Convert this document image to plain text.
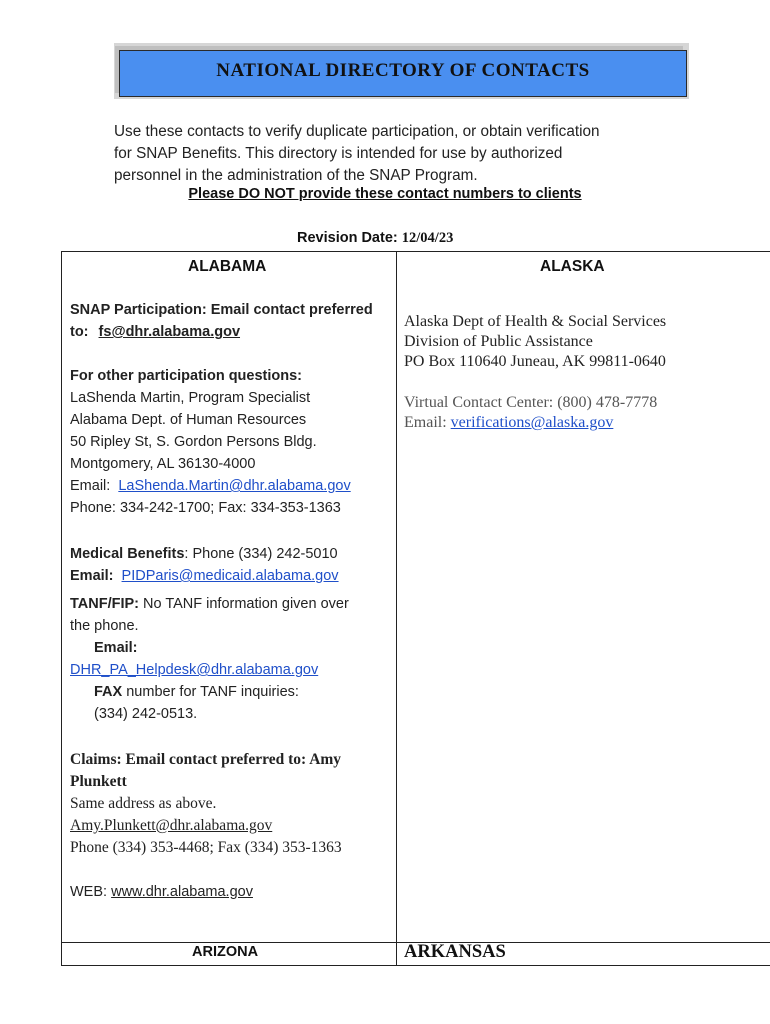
NATIONAL DIRECTORY OF CONTACTS

Use these contacts to verify duplicate participation, or obtain verification

for SNAP Benefits. This directory is intended for use by authorized

personnel in the administration of the SNAP Program.

Please DO NOT provide these contact numbers to clients
Revision Date: 12/04/23
ALABAMA	ALASKA
SNAP Participation: Email contact preferred
to: fs@dhr.alabama.gov
For other participation questions:
LaShenda Martin, Program Specialist
Alabama Dept. of Human Resources
50 Ripley St, S. Gordon Persons Bldg.
Montgomery, AL 36130-4000
Email: LaShenda.Martin@dhr.alabama.gov
Phone: 334-242-1700; Fax: 334-353-1363
Medical Benefits: Phone (334) 242-5010
Email: PIDParis@medicaid.alabama.gov
TANF/FIP: No TANF information given over
the phone.
Email:
DHR_PA_Helpdesk@dhr.alabama.gov
FAX number for TANF inquiries:
(334) 242-0513.
Claims: Email contact preferred to: Amy
Plunkett
Same address as above.
Amy.Plunkett@dhr.alabama.gov
Phone (334) 353-4468; Fax (334) 353-1363
WEB: www.dhr.alabama.gov
Alaska Dept of Health & Social Services
Division of Public Assistance
PO Box 110640 Juneau, AK 99811-0640
Virtual Contact Center: (800) 478-7778
Email: verifications@alaska.gov
ARIZONA	ARKANSAS
